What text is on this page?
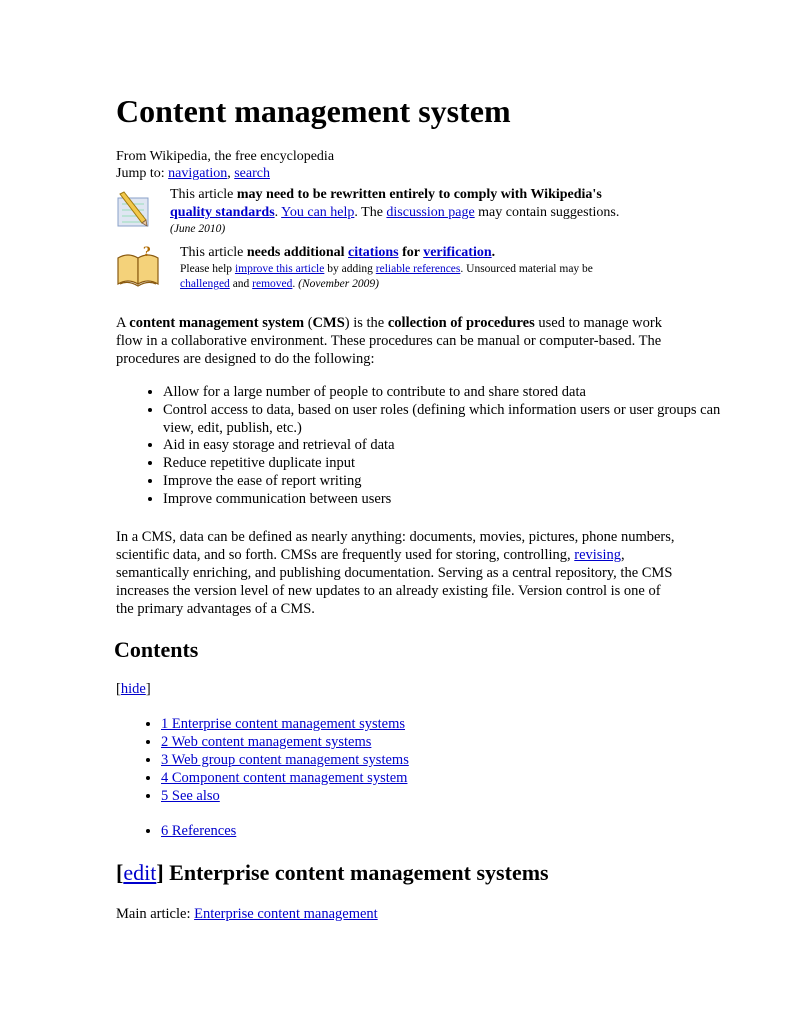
Content management system
From Wikipedia, the free encyclopedia
Jump to: navigation, search
This article may need to be rewritten entirely to comply with Wikipedia's
quality standards. You can help. The discussion page may contain suggestions.
(June 2010)
? This article needs additional citations for verification.
Please help improve this article by adding reliable references. Unsourced material may be
challenged and removed. (November 2009)

A content management system (CMS) is the collection of procedures used to manage work flow in a collaborative environment. These procedures can be manual or computer-based. The procedures are designed to do the following:

• Allow for a large number of people to contribute to and share stored data
• Control access to data, based on user roles (defining which information users or user groups can view, edit, publish, etc.)
• Aid in easy storage and retrieval of data
• Reduce repetitive duplicate input
• Improve the ease of report writing
• Improve communication between users

In a CMS, data can be defined as nearly anything: documents, movies, pictures, phone numbers, scientific data, and so forth. CMSs are frequently used for storing, controlling, revising, semantically enriching, and publishing documentation. Serving as a central repository, the CMS increases the version level of new updates to an already existing file. Version control is one of the primary advantages of a CMS.

Contents
[hide]
• 1 Enterprise content management systems
• 2 Web content management systems
• 3 Web group content management systems
• 4 Component content management system
• 5 See also
• 6 References
[edit] Enterprise content management systems
Main article: Enterprise content management
